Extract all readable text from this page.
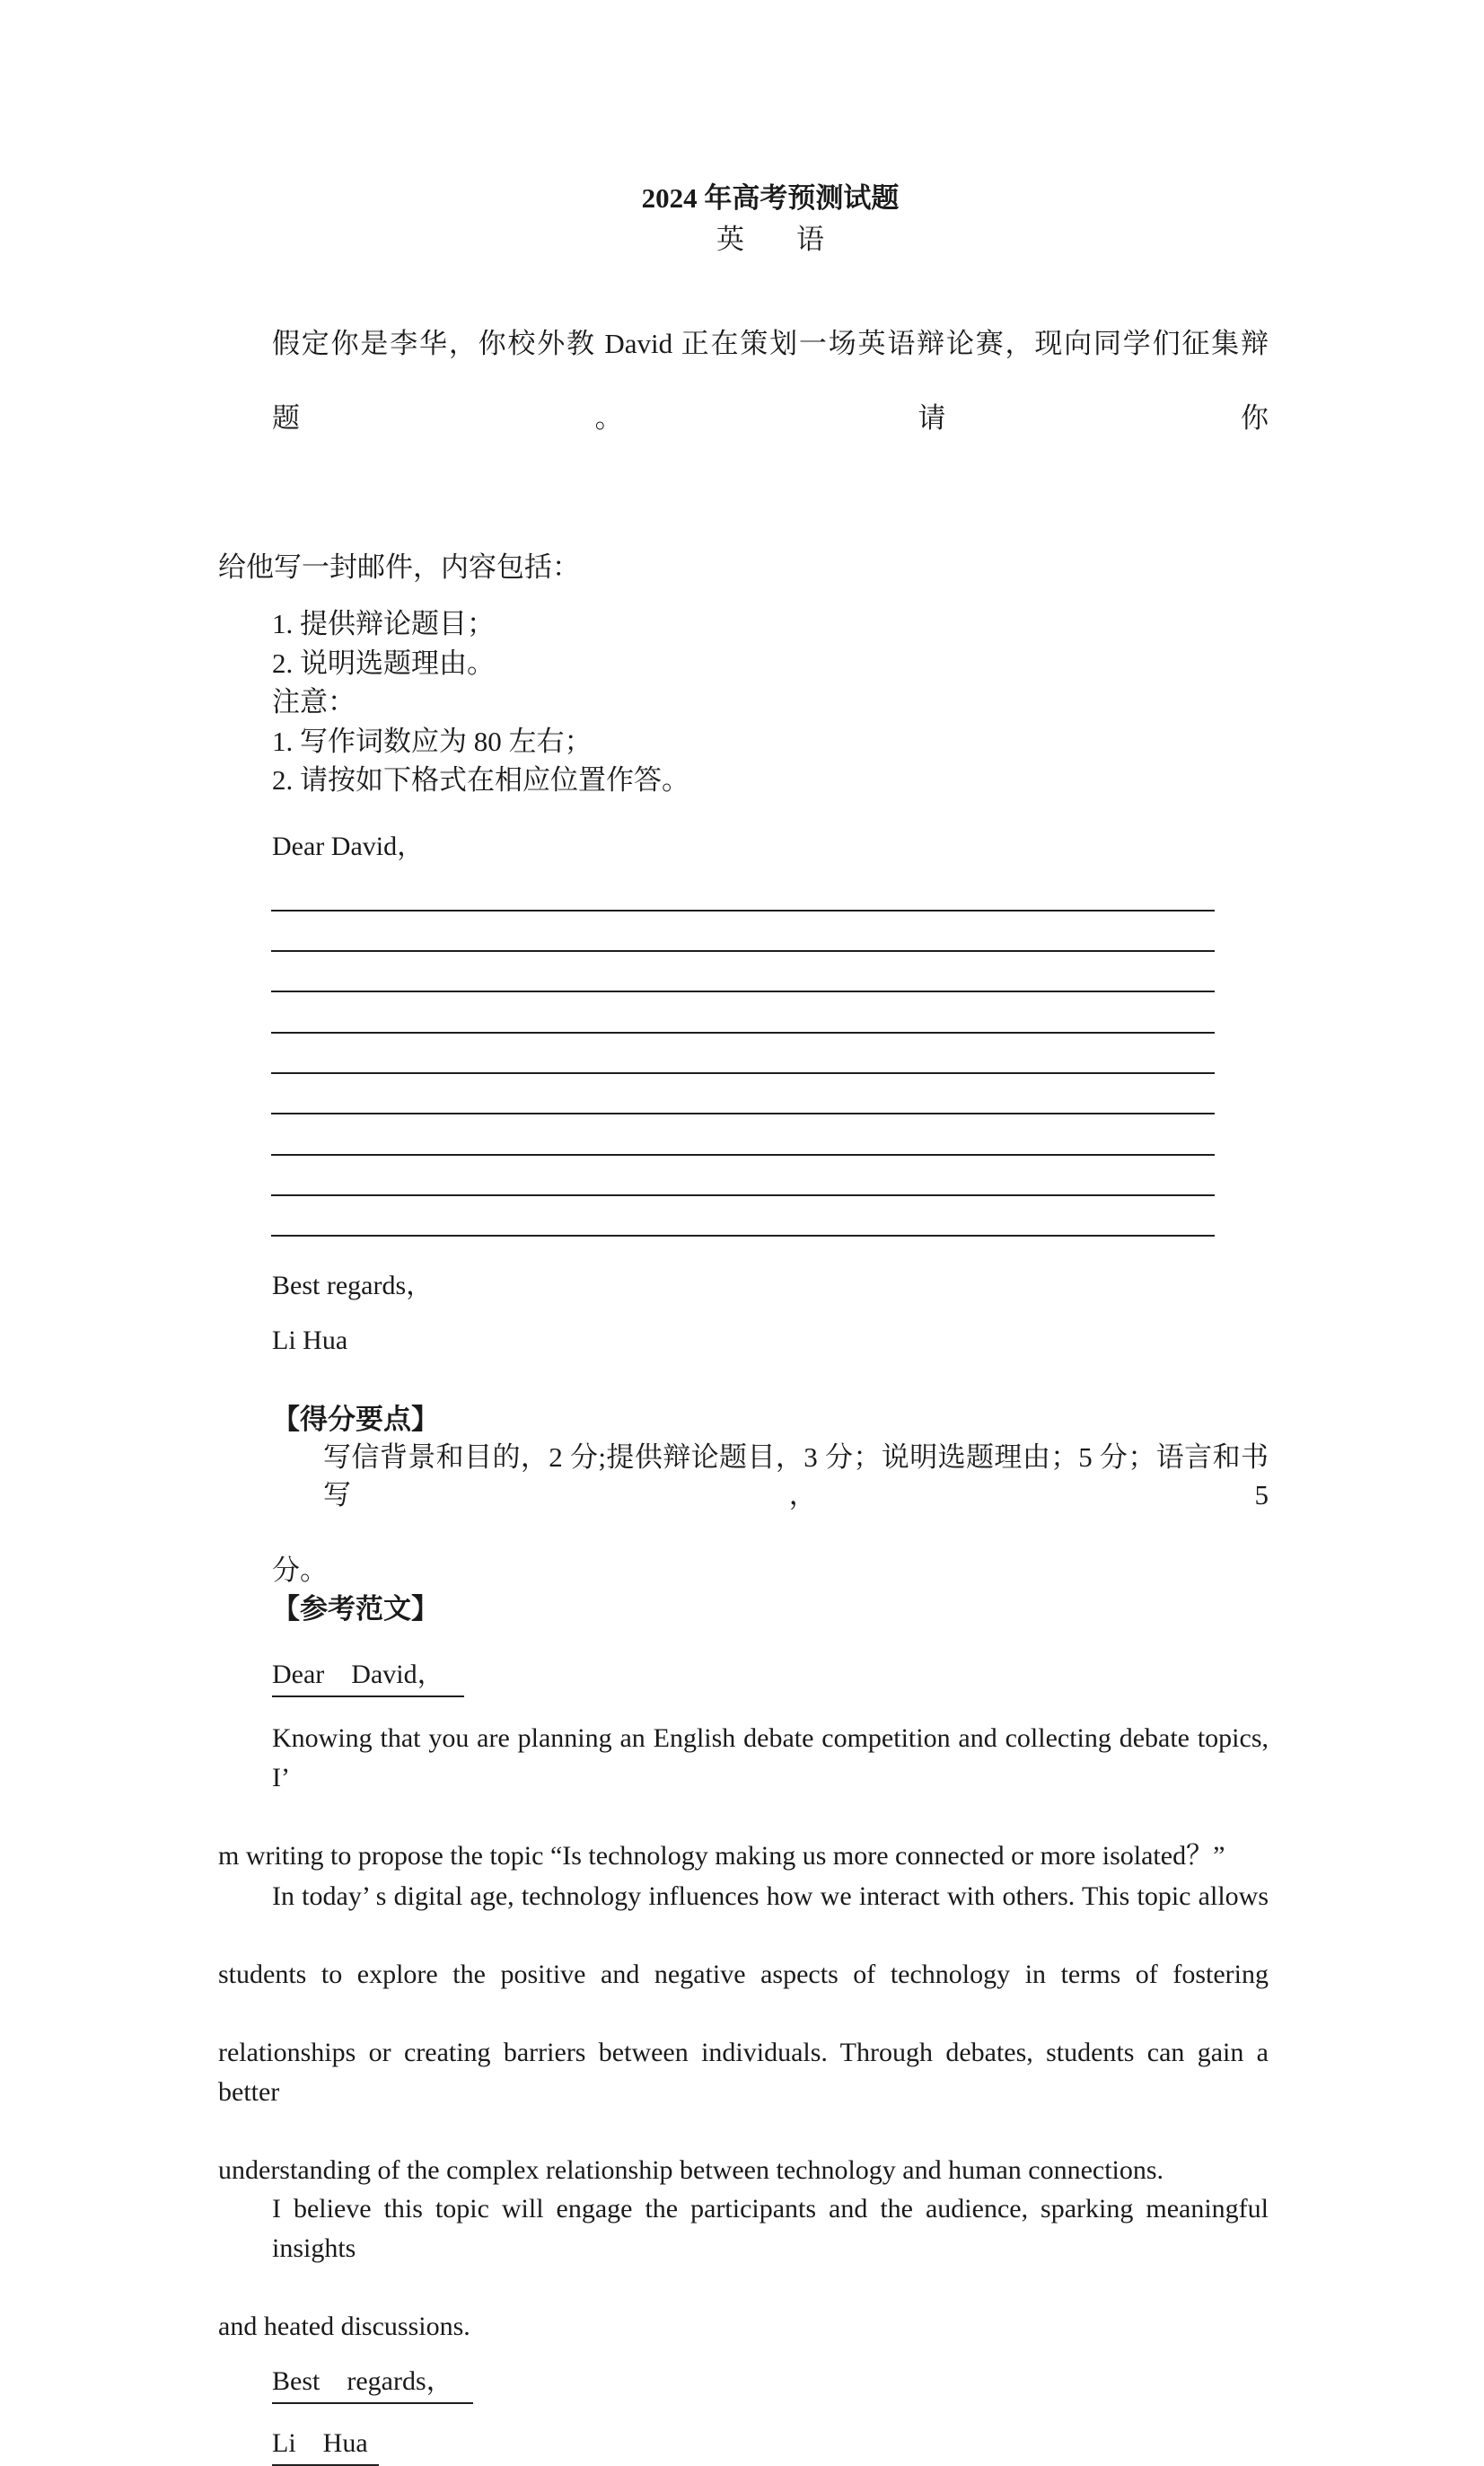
2024 年高考预测试题
英 语
假定你是李华，你校外教 David 正在策划一场英语辩论赛，现向同学们征集辩题。请你
给他写一封邮件，内容包括：
1. 提供辩论题目；
2. 说明选题理由。
注意：
1. 写作词数应为 80 左右；
2. 请按如下格式在相应位置作答。
Dear David，
Best regards，
Li Hua
【得分要点】
写信背景和目的，2 分;提供辩论题目，3 分；说明选题理由；5 分；语言和书写，5
分。
【参考范文】
Dear　David，
Knowing that you are planning an English debate competition and collecting debate topics, I’
m writing to propose the topic “Is technology making us more connected or more isolated？”
In today’ s digital age, technology influences how we interact with others. This topic allows
students to explore the positive and negative aspects of technology in terms of fostering
relationships or creating barriers between individuals. Through debates, students can gain a better
understanding of the complex relationship between technology and human connections.
I believe this topic will engage the participants and the audience, sparking meaningful insights
and heated discussions.
Best　regards，
Li　Hua
